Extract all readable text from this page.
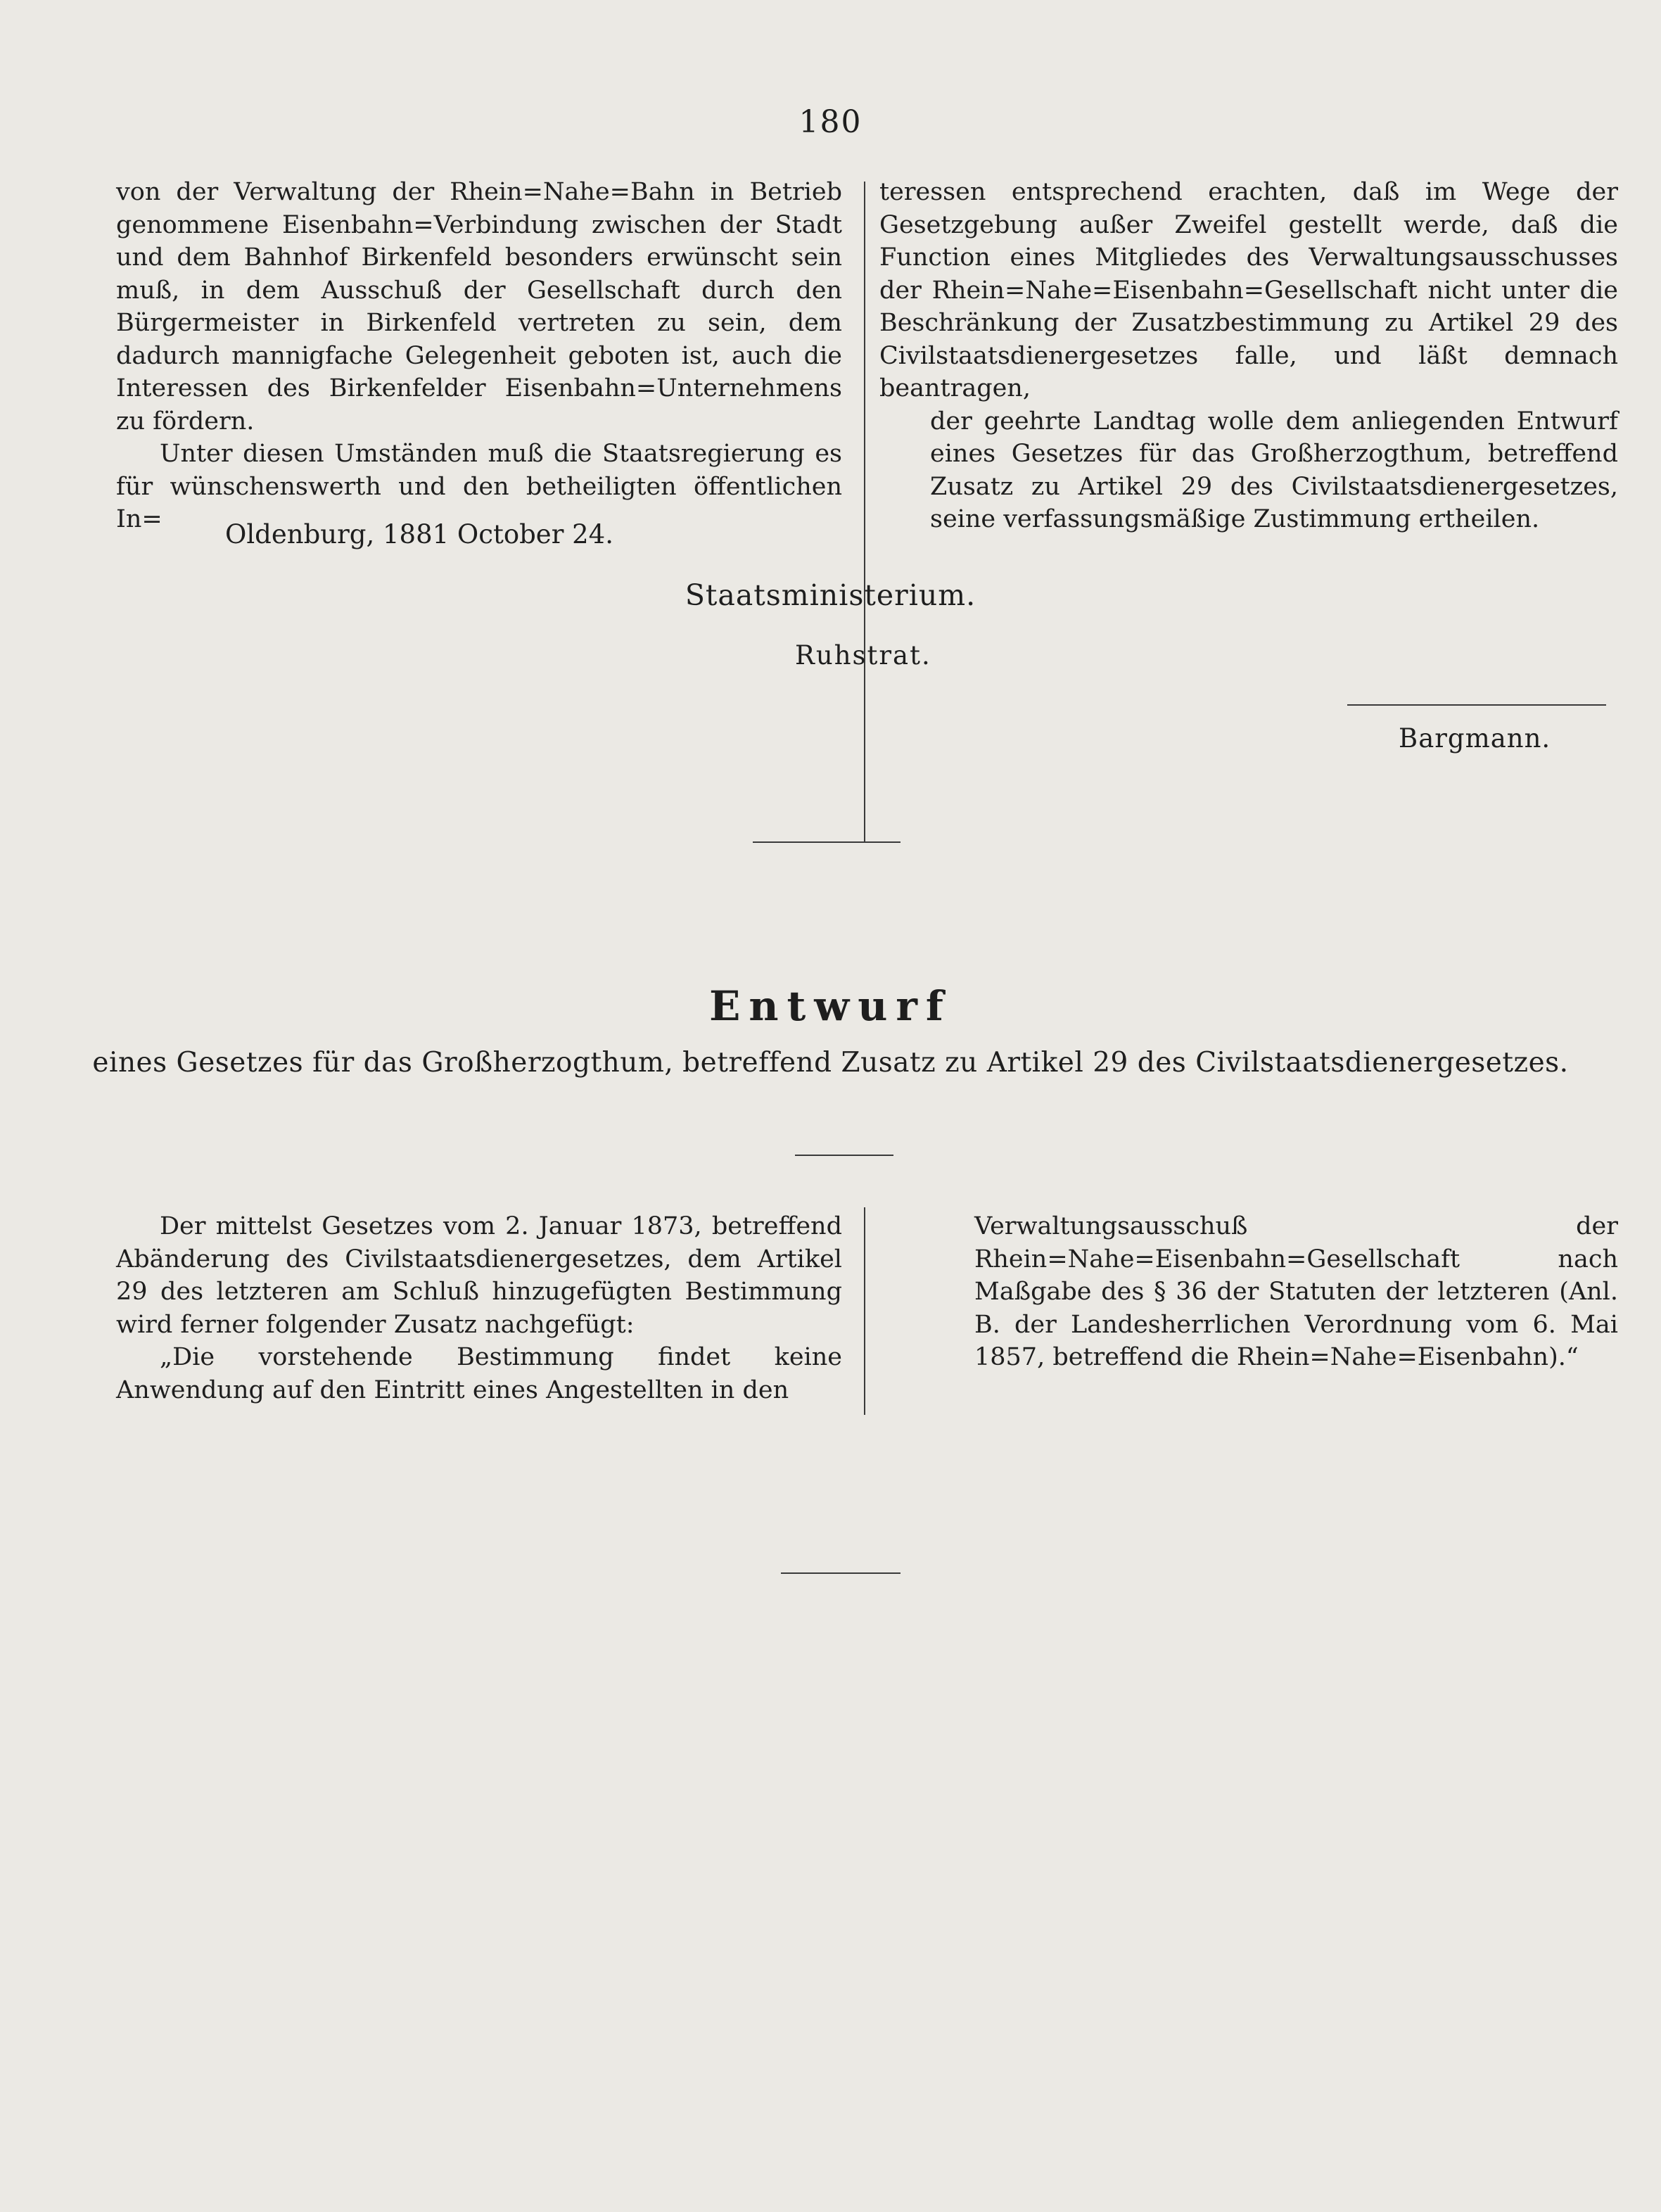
180

von der Verwaltung der Rhein=Nahe=Bahn in Betrieb genommene Eisenbahn=Verbindung zwischen der Stadt und dem Bahnhof Birkenfeld besonders erwünscht sein muß, in dem Ausschuß der Gesellschaft durch den Bürgermeister in Birkenfeld vertreten zu sein, dem dadurch mannigfache Gelegenheit geboten ist, auch die Interessen des Birkenfelder Eisenbahn=Unternehmens zu fördern.

Unter diesen Umständen muß die Staatsregierung es für wünschenswerth und den betheiligten öffentlichen In=

teressen entsprechend erachten, daß im Wege der Gesetzgebung außer Zweifel gestellt werde, daß die Function eines Mitgliedes des Verwaltungsausschusses der Rhein=Nahe=Eisenbahn=Gesellschaft nicht unter die Beschränkung der Zusatzbestimmung zu Artikel 29 des Civilstaatsdienergesetzes falle, und läßt demnach beantragen,

der geehrte Landtag wolle dem anliegenden Entwurf eines Gesetzes für das Großherzogthum, betreffend Zusatz zu Artikel 29 des Civilstaatsdienergesetzes, seine verfassungsmäßige Zustimmung ertheilen.

Oldenburg, 1881 October 24.
Staatsministerium.
Ruhstrat.
Bargmann.
Entwurf
eines Gesetzes für das Großherzogthum, betreffend Zusatz zu Artikel 29 des Civilstaatsdienergesetzes.

Der mittelst Gesetzes vom 2. Januar 1873, betreffend Abänderung des Civilstaatsdienergesetzes, dem Artikel 29 des letzteren am Schluß hinzugefügten Bestimmung wird ferner folgender Zusatz nachgefügt:

„Die vorstehende Bestimmung findet keine Anwendung auf den Eintritt eines Angestellten in den

Verwaltungsausschuß der Rhein=Nahe=Eisenbahn=Gesellschaft nach Maßgabe des § 36 der Statuten der letzteren (Anl. B. der Landesherrlichen Verordnung vom 6. Mai 1857, betreffend die Rhein=Nahe=Eisenbahn).“
